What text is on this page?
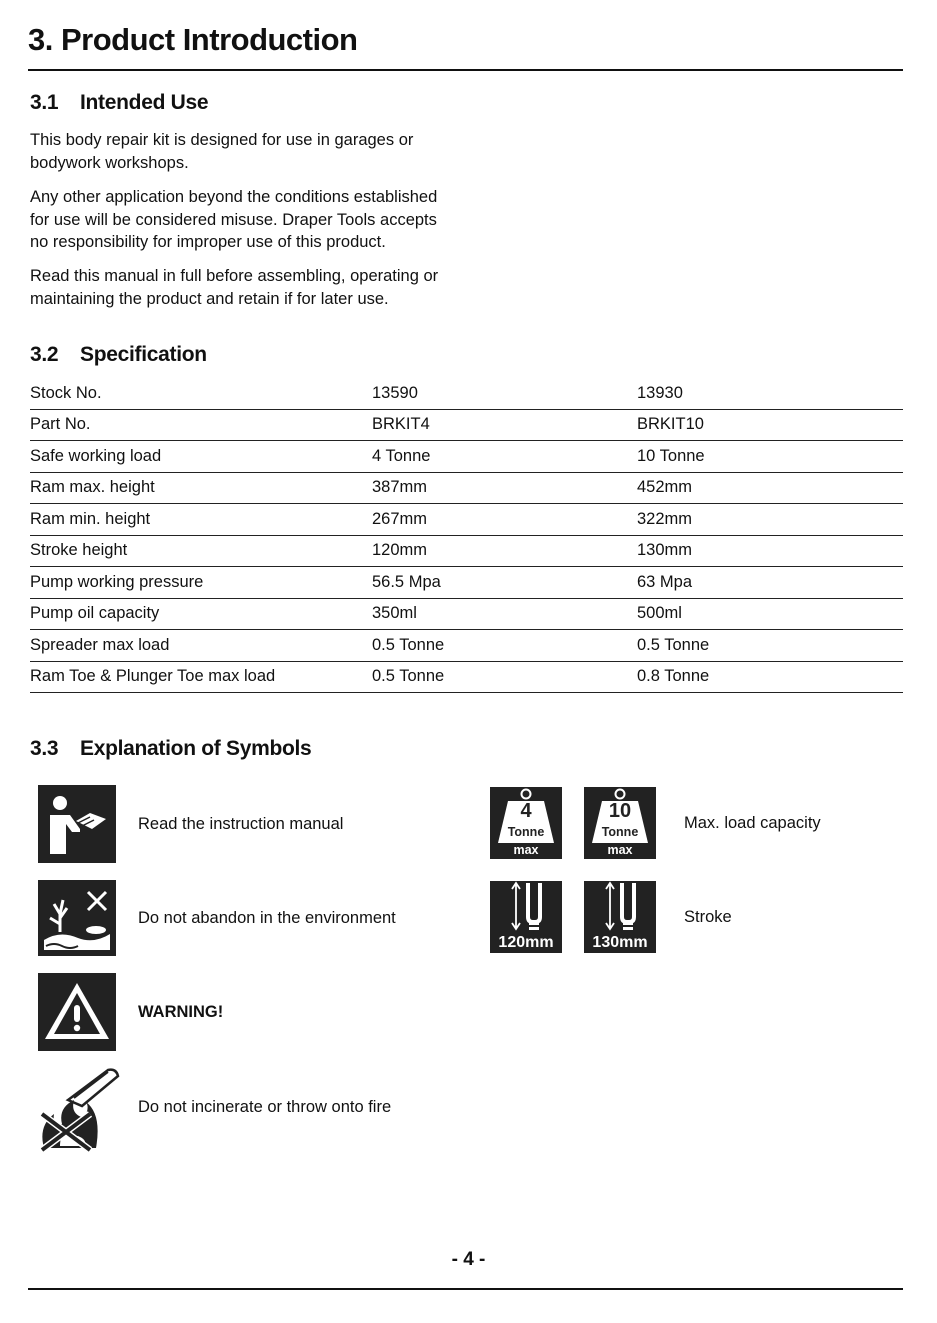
3. Product Introduction
3.1 Intended Use
This body repair kit is designed for use in garages or bodywork workshops.
Any other application beyond the conditions established for use will be considered misuse. Draper Tools accepts no responsibility for improper use of this product.
Read this manual in full before assembling, operating or maintaining the product and retain if for later use.
3.2 Specification
Stock No.	13590	13930
Part No.	BRKIT4	BRKIT10
Safe working load	4 Tonne	10 Tonne
Ram max. height	387mm	452mm
Ram min. height	267mm	322mm
Stroke height	120mm	130mm
Pump working pressure	56.5 Mpa	63 Mpa
Pump oil capacity	350ml	500ml
Spreader max load	0.5 Tonne	0.5 Tonne
Ram Toe & Plunger Toe max load	0.5 Tonne	0.8 Tonne
3.3 Explanation of Symbols
Read the instruction manual
Do not abandon in the environment
WARNING!
Do not incinerate or throw onto fire
4
Tonne
max
10
Tonne
max
Max. load capacity
120mm	130mm
Stroke
- 4 -
